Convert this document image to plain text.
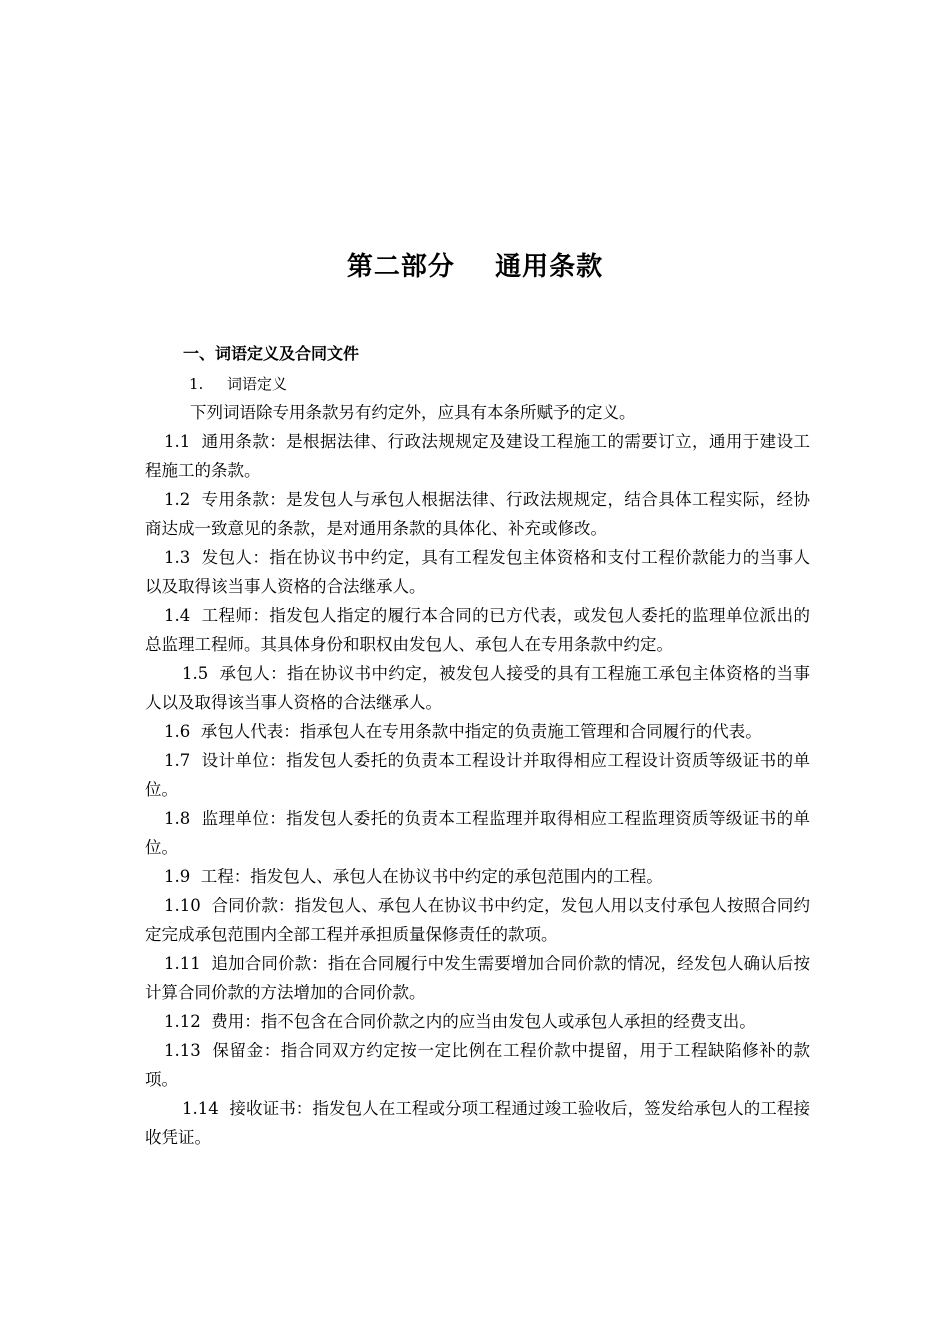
第二部分    通用条款
一、词语定义及合同文件
1. 词语定义

下列词语除专用条款另有约定外，应具有本条所赋予的定义。

1.1 通用条款：是根据法律、行政法规规定及建设工程施工的需要订立，通用于建设工程施工的条款。

1.2 专用条款：是发包人与承包人根据法律、行政法规规定，结合具体工程实际，经协商达成一致意见的条款，是对通用条款的具体化、补充或修改。

1.3 发包人：指在协议书中约定，具有工程发包主体资格和支付工程价款能力的当事人以及取得该当事人资格的合法继承人。

1.4 工程师：指发包人指定的履行本合同的已方代表，或发包人委托的监理单位派出的总监理工程师。其具体身份和职权由发包人、承包人在专用条款中约定。

1.5 承包人：指在协议书中约定，被发包人接受的具有工程施工承包主体资格的当事人以及取得该当事人资格的合法继承人。

1.6 承包人代表：指承包人在专用条款中指定的负责施工管理和合同履行的代表。

1.7 设计单位：指发包人委托的负责本工程设计并取得相应工程设计资质等级证书的单位。

1.8 监理单位：指发包人委托的负责本工程监理并取得相应工程监理资质等级证书的单位。

1.9 工程：指发包人、承包人在协议书中约定的承包范围内的工程。

1.10 合同价款：指发包人、承包人在协议书中约定，发包人用以支付承包人按照合同约定完成承包范围内全部工程并承担质量保修责任的款项。

1.11 追加合同价款：指在合同履行中发生需要增加合同价款的情况，经发包人确认后按计算合同价款的方法增加的合同价款。

1.12 费用：指不包含在合同价款之内的应当由发包人或承包人承担的经费支出。

1.13 保留金：指合同双方约定按一定比例在工程价款中提留，用于工程缺陷修补的款项。

1.14 接收证书：指发包人在工程或分项工程通过竣工验收后，签发给承包人的工程接收凭证。
